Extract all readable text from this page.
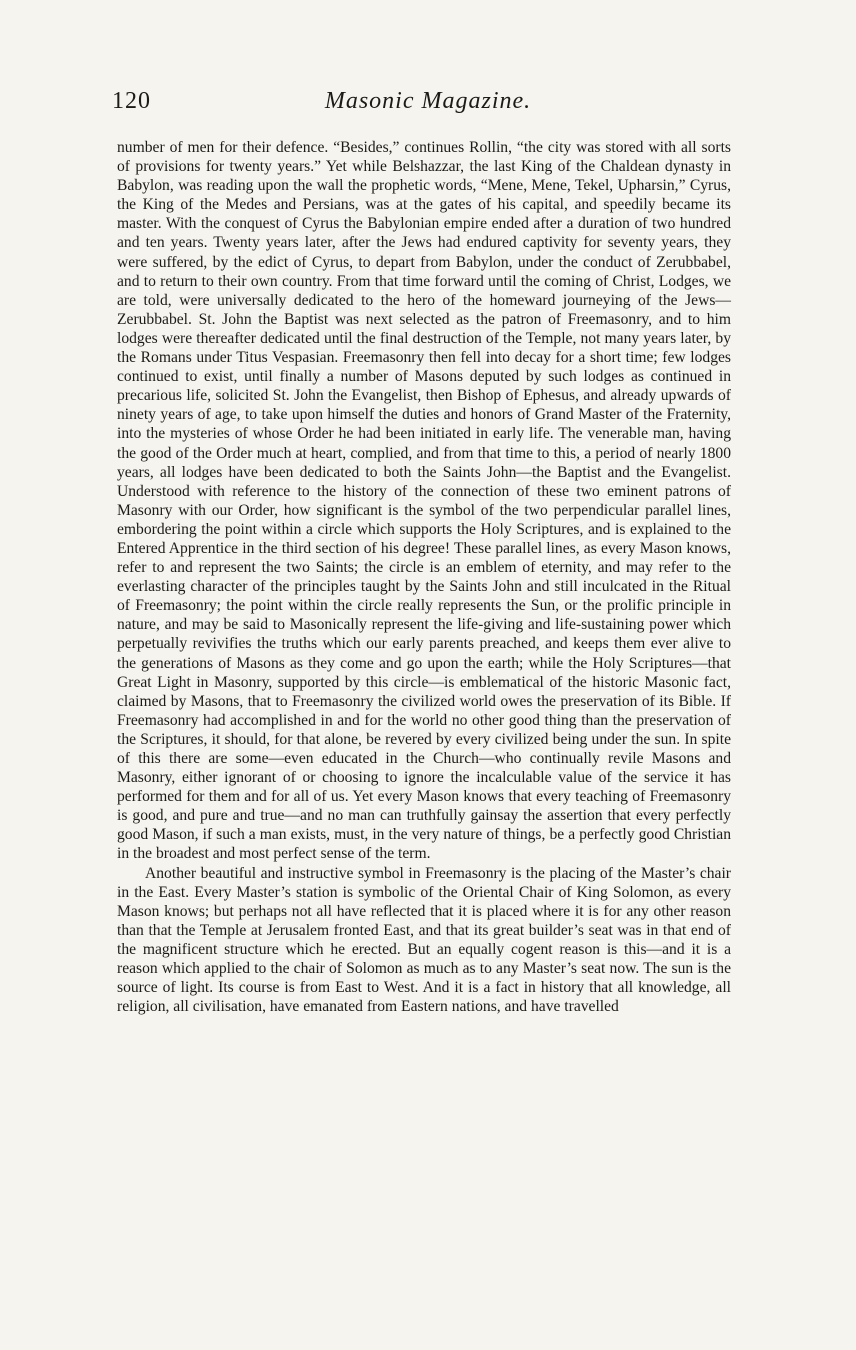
120	Masonic Magazine.

number of men for their defence. “Besides,” continues Rollin, “the city was stored with all sorts of provisions for twenty years.” Yet while Belshazzar, the last King of the Chaldean dynasty in Babylon, was reading upon the wall the prophetic words, “Mene, Mene, Tekel, Upharsin,” Cyrus, the King of the Medes and Persians, was at the gates of his capital, and speedily became its master. With the conquest of Cyrus the Babylonian empire ended after a duration of two hundred and ten years. Twenty years later, after the Jews had endured captivity for seventy years, they were suffered, by the edict of Cyrus, to depart from Babylon, under the conduct of Zerubbabel, and to return to their own country. From that time forward until the coming of Christ, Lodges, we are told, were universally dedicated to the hero of the homeward journeying of the Jews—Zerubbabel. St. John the Baptist was next selected as the patron of Freemasonry, and to him lodges were thereafter dedicated until the final destruction of the Temple, not many years later, by the Romans under Titus Vespasian. Freemasonry then fell into decay for a short time; few lodges continued to exist, until finally a number of Masons deputed by such lodges as continued in precarious life, solicited St. John the Evangelist, then Bishop of Ephesus, and already upwards of ninety years of age, to take upon himself the duties and honors of Grand Master of the Fraternity, into the mysteries of whose Order he had been initiated in early life. The venerable man, having the good of the Order much at heart, complied, and from that time to this, a period of nearly 1800 years, all lodges have been dedicated to both the Saints John—the Baptist and the Evangelist. Understood with reference to the history of the connection of these two eminent patrons of Masonry with our Order, how significant is the symbol of the two perpendicular parallel lines, embordering the point within a circle which supports the Holy Scriptures, and is explained to the Entered Apprentice in the third section of his degree! These parallel lines, as every Mason knows, refer to and represent the two Saints; the circle is an emblem of eternity, and may refer to the everlasting character of the principles taught by the Saints John and still inculcated in the Ritual of Freemasonry; the point within the circle really represents the Sun, or the prolific principle in nature, and may be said to Masonically represent the life-giving and life-sustaining power which perpetually revivifies the truths which our early parents preached, and keeps them ever alive to the generations of Masons as they come and go upon the earth; while the Holy Scriptures—that Great Light in Masonry, supported by this circle—is emblematical of the historic Masonic fact, claimed by Masons, that to Freemasonry the civilized world owes the preservation of its Bible. If Freemasonry had accomplished in and for the world no other good thing than the preservation of the Scriptures, it should, for that alone, be revered by every civilized being under the sun. In spite of this there are some—even educated in the Church—who continually revile Masons and Masonry, either ignorant of or choosing to ignore the incalculable value of the service it has performed for them and for all of us. Yet every Mason knows that every teaching of Freemasonry is good, and pure and true—and no man can truthfully gainsay the assertion that every perfectly good Mason, if such a man exists, must, in the very nature of things, be a perfectly good Christian in the broadest and most perfect sense of the term.

Another beautiful and instructive symbol in Freemasonry is the placing of the Master’s chair in the East. Every Master’s station is symbolic of the Oriental Chair of King Solomon, as every Mason knows; but perhaps not all have reflected that it is placed where it is for any other reason than that the Temple at Jerusalem fronted East, and that its great builder’s seat was in that end of the magnificent structure which he erected. But an equally cogent reason is this—and it is a reason which applied to the chair of Solomon as much as to any Master’s seat now. The sun is the source of light. Its course is from East to West. And it is a fact in history that all knowledge, all religion, all civilisation, have emanated from Eastern nations, and have travelled
